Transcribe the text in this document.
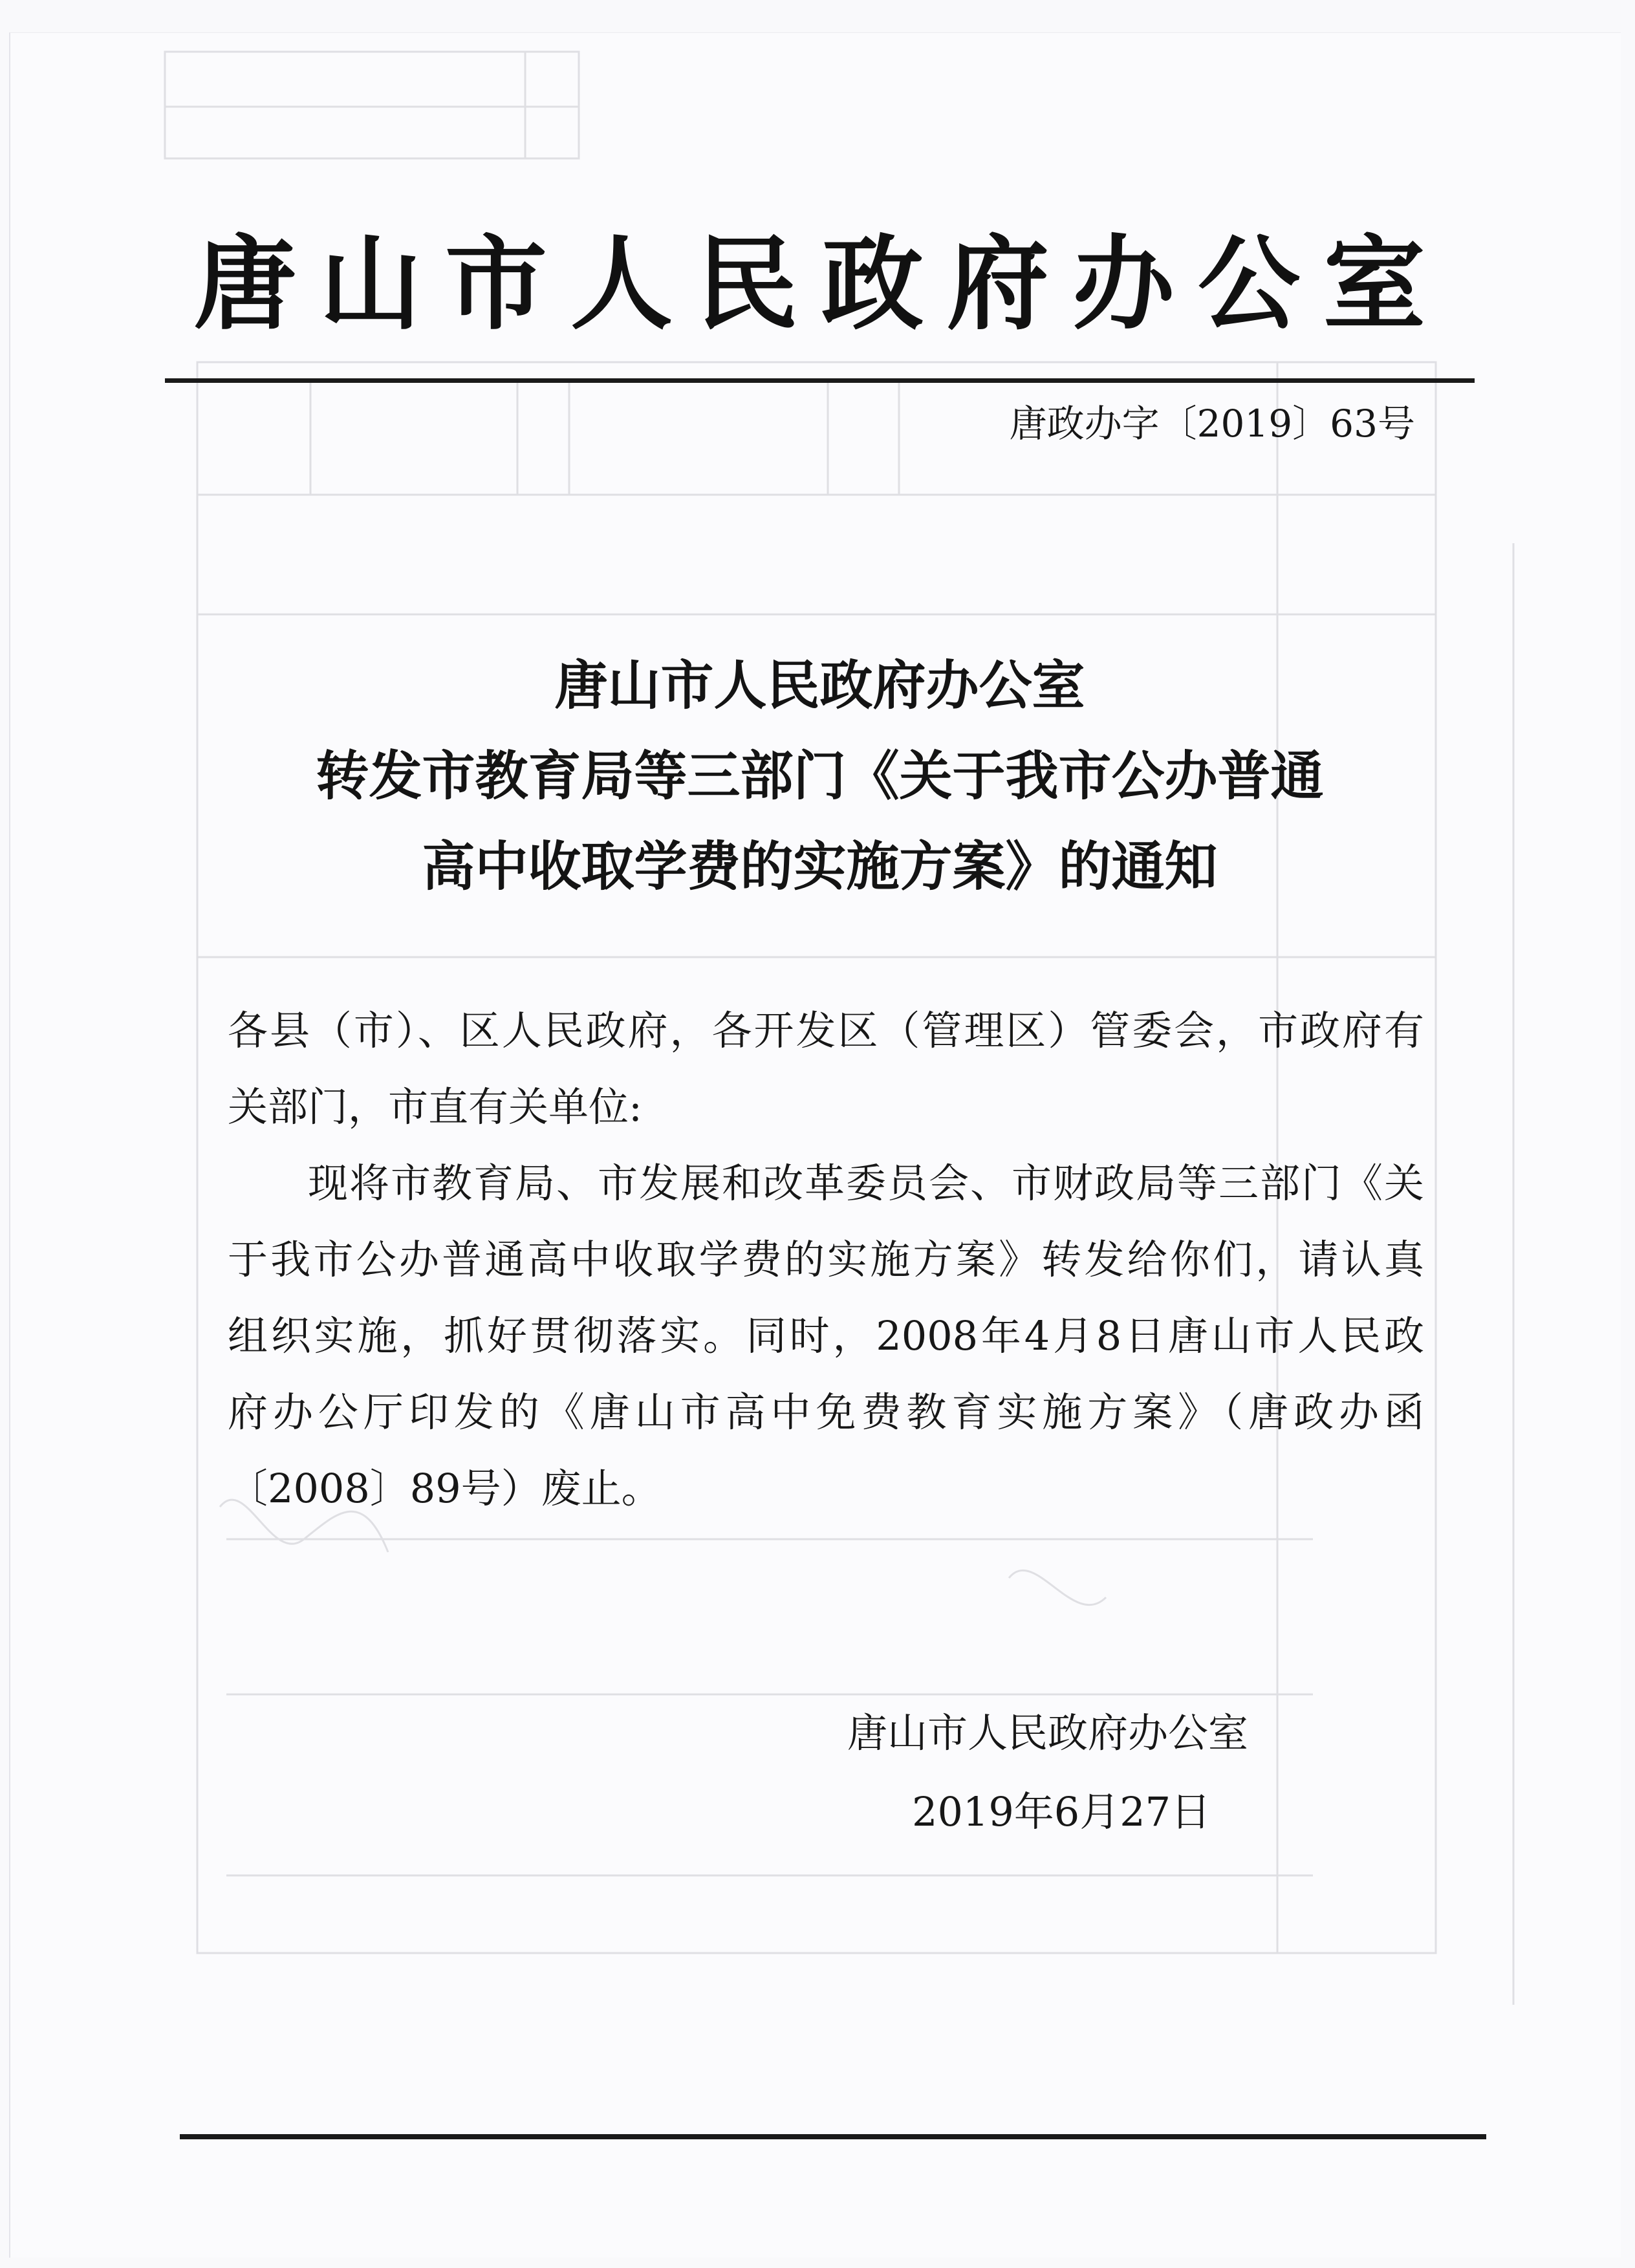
唐山市人民政府办公室
唐政办字〔2019〕63号
唐山市人民政府办公室
转发市教育局等三部门《关于我市公办普通
高中收取学费的实施方案》的通知
各县（市）、区人民政府，各开发区（管理区）管委会，市政府有
关部门，市直有关单位:
现将市教育局、市发展和改革委员会、市财政局等三部门《关
于我市公办普通高中收取学费的实施方案》转发给你们，请认真
组织实施，抓好贯彻落实。同时，2008年4月8日唐山市人民政
府办公厅印发的《唐山市高中免费教育实施方案》（唐政办函
〔2008〕89号）废止。
唐山市人民政府办公室
2019年6月27日
